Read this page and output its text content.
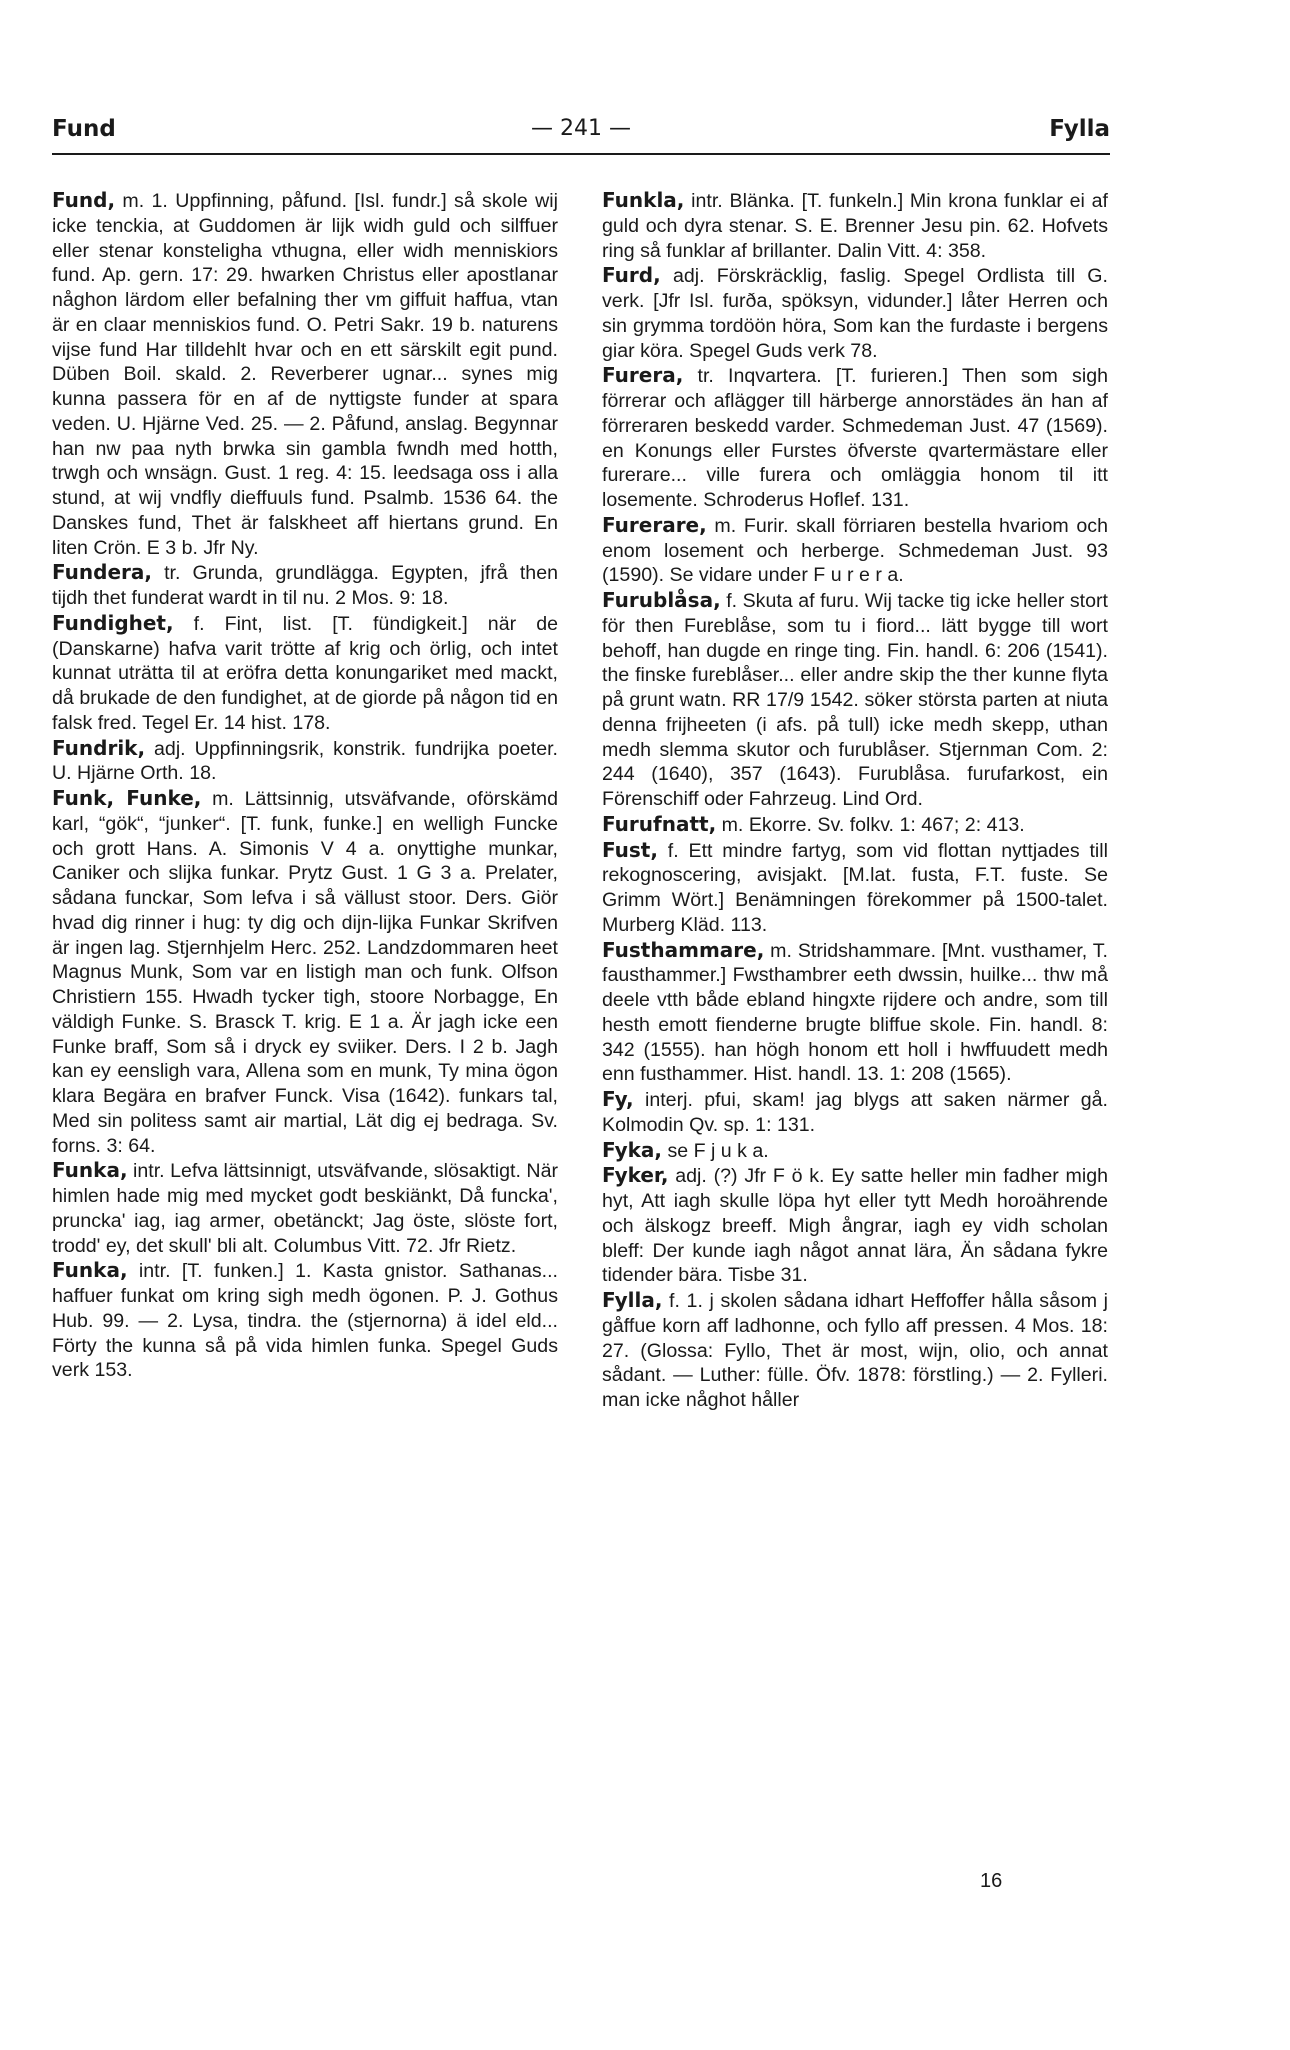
Fund	— 241 —	Fylla

Fund, m. 1. Uppfinning, påfund. [Isl. fundr.] så skole wij icke tenckia, at Guddomen är lijk widh guld och silffuer eller stenar konsteligha vthugna, eller widh menniskiors fund. Ap. gern. 17: 29. hwarken Christus eller apostlanar någhon lärdom eller befalning ther vm giffuit haffua, vtan är en claar menniskios fund. O. Petri Sakr. 19 b. naturens vijse fund Har tilldehlt hvar och en ett särskilt egit pund. Düben Boil. skald. 2. Reverberer ugnar... synes mig kunna passera för en af de nyttigste funder at spara veden. U. Hjärne Ved. 25. — 2. Påfund, anslag. Begynnar han nw paa nyth brwka sin gambla fwndh med hotth, trwgh och wnsägn. Gust. 1 reg. 4: 15. leedsaga oss i alla stund, at wij vndfly dieffuuls fund. Psalmb. 1536 64. the Danskes fund, Thet är falskheet aff hiertans grund. En liten Crön. E 3 b. Jfr Ny.

Fundera, tr. Grunda, grundlägga. Egypten, jfrå then tijdh thet funderat wardt in til nu. 2 Mos. 9: 18.

Fundighet, f. Fint, list. [T. fündigkeit.] när de (Danskarne) hafva varit trötte af krig och örlig, och intet kunnat uträtta til at eröfra detta konungariket med mackt, då brukade de den fundighet, at de giorde på någon tid en falsk fred. Tegel Er. 14 hist. 178.

Fundrik, adj. Uppfinningsrik, konstrik. fundrijka poeter. U. Hjärne Orth. 18.

Funk, Funke, m. Lättsinnig, utsväfvande, oförskämd karl, “gök“, “junker“. [T. funk, funke.] en welligh Funcke och grott Hans. A. Simonis V 4 a. onyttighe munkar, Caniker och slijka funkar. Prytz Gust. 1 G 3 a. Prelater, sådana funckar, Som lefva i så vällust stoor. Ders. Giör hvad dig rinner i hug: ty dig och dijn-lijka Funkar Skrifven är ingen lag. Stjernhjelm Herc. 252. Landzdommaren heet Magnus Munk, Som var en listigh man och funk. Olfson Christiern 155. Hwadh tycker tigh, stoore Norbagge, En väldigh Funke. S. Brasck T. krig. E 1 a. Är jagh icke een Funke braff, Som så i dryck ey sviiker. Ders. I 2 b. Jagh kan ey eensligh vara, Allena som en munk, Ty mina ögon klara Begära en brafver Funck. Visa (1642). funkars tal, Med sin politess samt air martial, Lät dig ej bedraga. Sv. forns. 3: 64.

Funka, intr. Lefva lättsinnigt, utsväfvande, slösaktigt. När himlen hade mig med mycket godt beskiänkt, Då funcka', pruncka' iag, iag armer, obetänckt; Jag öste, slöste fort, trodd' ey, det skull' bli alt. Columbus Vitt. 72. Jfr Rietz.

Funka, intr. [T. funken.] 1. Kasta gnistor. Sathanas... haffuer funkat om kring sigh medh ögonen. P. J. Gothus Hub. 99. — 2. Lysa, tindra. the (stjernorna) ä idel eld... Förty the kunna så på vida himlen funka. Spegel Guds verk 153.

Funkla, intr. Blänka. [T. funkeln.] Min krona funklar ei af guld och dyra stenar. S. E. Brenner Jesu pin. 62. Hofvets ring så funklar af brillanter. Dalin Vitt. 4: 358.

Furd, adj. Förskräcklig, faslig. Spegel Ordlista till G. verk. [Jfr Isl. furða, spöksyn, vidunder.] låter Herren och sin grymma tordöön höra, Som kan the furdaste i bergens giar köra. Spegel Guds verk 78.

Furera, tr. Inqvartera. [T. furieren.] Then som sigh förrerar och aflägger till härberge annorstädes än han af förreraren beskedd varder. Schmedeman Just. 47 (1569). en Konungs eller Furstes öfverste qvartermästare eller furerare... ville furera och omläggia honom til itt losemente. Schroderus Hoflef. 131.

Furerare, m. Furir. skall förriaren bestella hvariom och enom losement och herberge. Schmedeman Just. 93 (1590). Se vidare under F u r e r a.

Furublåsa, f. Skuta af furu. Wij tacke tig icke heller stort för then Fureblåse, som tu i fiord... lätt bygge till wort behoff, han dugde en ringe ting. Fin. handl. 6: 206 (1541). the finske fureblåser... eller andre skip the ther kunne flyta på grunt watn. RR 17/9 1542. söker största parten at niuta denna frijheeten (i afs. på tull) icke medh skepp, uthan medh slemma skutor och furublåser. Stjernman Com. 2: 244 (1640), 357 (1643). Furublåsa. furufarkost, ein Förenschiff oder Fahrzeug. Lind Ord.

Furufnatt, m. Ekorre. Sv. folkv. 1: 467; 2: 413.

Fust, f. Ett mindre fartyg, som vid flottan nyttjades till rekognoscering, avisjakt. [M.lat. fusta, F.T. fuste. Se Grimm Wört.] Benämningen förekommer på 1500-talet. Murberg Kläd. 113.

Fusthammare, m. Stridshammare. [Mnt. vusthamer, T. fausthammer.] Fwsthambrer eeth dwssin, huilke... thw må deele vtth både ebland hingxte rijdere och andre, som till hesth emott fienderne brugte bliffue skole. Fin. handl. 8: 342 (1555). han högh honom ett holl i hwffuudett medh enn fusthammer. Hist. handl. 13. 1: 208 (1565).

Fy, interj. pfui, skam! jag blygs att saken närmer gå. Kolmodin Qv. sp. 1: 131.

Fyka, se F j u k a.

Fyker, adj. (?) Jfr F ö k. Ey satte heller min fadher migh hyt, Att iagh skulle löpa hyt eller tytt Medh horoährende och älskogz breeff. Migh ångrar, iagh ey vidh scholan bleff: Der kunde iagh något annat lära, Än sådana fykre tidender bära. Tisbe 31.

Fylla, f. 1. j skolen sådana idhart Heffoffer hålla såsom j gåffue korn aff ladhonne, och fyllo aff pressen. 4 Mos. 18: 27. (Glossa: Fyllo, Thet är most, wijn, olio, och annat sådant. — Luther: fülle. Öfv. 1878: förstling.) — 2. Fylleri. man icke någhot håller

16
